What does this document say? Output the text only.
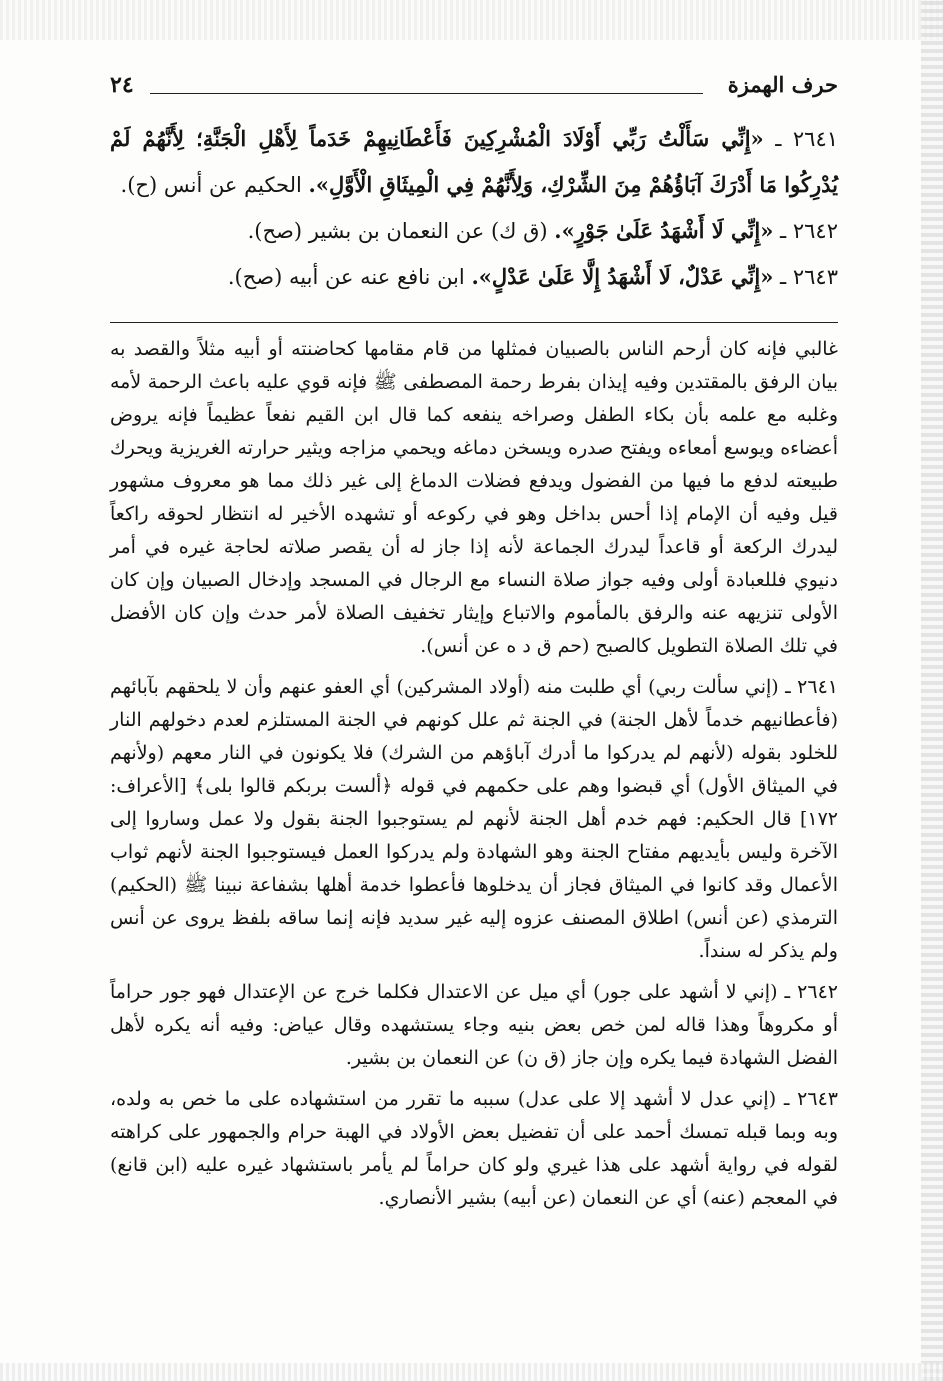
حرف الهمزة
٢٤

٢٦٤١ ـ «إِنِّي سَأَلْتُ رَبِّي أَوْلَادَ الْمُشْرِكِينَ فَأَعْطَانِيهِمْ خَدَماً لِأَهْلِ الْجَنَّةِ؛ لِأَنَّهُمْ لَمْ يُدْرِكُوا مَا أَدْرَكَ آبَاؤُهُمْ مِنَ الشِّرْكِ، وَلِأَنَّهُمْ فِي الْمِيثَاقِ الْأَوَّلِ». الحكيم عن أنس (ح).

٢٦٤٢ ـ «إِنِّي لَا أَشْهَدُ عَلَىٰ جَوْرٍ». (ق ك) عن النعمان بن بشير (صح).

٢٦٤٣ ـ «إِنِّي عَدْلٌ، لَا أَشْهَدُ إِلَّا عَلَىٰ عَدْلٍ». ابن نافع عنه عن أبيه (صح).

غالبي فإنه كان أرحم الناس بالصبيان فمثلها من قام مقامها كحاضنته أو أبيه مثلاً والقصد به بيان الرفق بالمقتدين وفيه إيذان بفرط رحمة المصطفى ﷺ فإنه قوي عليه باعث الرحمة لأمه وغلبه مع علمه بأن بكاء الطفل وصراخه ينفعه كما قال ابن القيم نفعاً عظيماً فإنه يروض أعضاءه ويوسع أمعاءه ويفتح صدره ويسخن دماغه ويحمي مزاجه ويثير حرارته الغريزية ويحرك طبيعته لدفع ما فيها من الفضول ويدفع فضلات الدماغ إلى غير ذلك مما هو معروف مشهور قيل وفيه أن الإمام إذا أحس بداخل وهو في ركوعه أو تشهده الأخير له انتظار لحوقه راكعاً ليدرك الركعة أو قاعداً ليدرك الجماعة لأنه إذا جاز له أن يقصر صلاته لحاجة غيره في أمر دنيوي فللعبادة أولى وفيه جواز صلاة النساء مع الرجال في المسجد وإدخال الصبيان وإن كان الأولى تنزيهه عنه والرفق بالمأموم والاتباع وإيثار تخفيف الصلاة لأمر حدث وإن كان الأفضل في تلك الصلاة التطويل كالصبح (حم ق د ه عن أنس).

٢٦٤١ ـ (إني سألت ربي) أي طلبت منه (أولاد المشركين) أي العفو عنهم وأن لا يلحقهم بآبائهم (فأعطانيهم خدماً لأهل الجنة) في الجنة ثم علل كونهم في الجنة المستلزم لعدم دخولهم النار للخلود بقوله (لأنهم لم يدركوا ما أدرك آباؤهم من الشرك) فلا يكونون في النار معهم (ولأنهم في الميثاق الأول) أي قبضوا وهم على حكمهم في قوله ﴿ألست بربكم قالوا بلى﴾ [الأعراف: ١٧٢] قال الحكيم: فهم خدم أهل الجنة لأنهم لم يستوجبوا الجنة بقول ولا عمل وساروا إلى الآخرة وليس بأيديهم مفتاح الجنة وهو الشهادة ولم يدركوا العمل فيستوجبوا الجنة لأنهم ثواب الأعمال وقد كانوا في الميثاق فجاز أن يدخلوها فأعطوا خدمة أهلها بشفاعة نبينا ﷺ (الحكيم) الترمذي (عن أنس) اطلاق المصنف عزوه إليه غير سديد فإنه إنما ساقه بلفظ يروى عن أنس ولم يذكر له سنداً.

٢٦٤٢ ـ (إني لا أشهد على جور) أي ميل عن الاعتدال فكلما خرج عن الإعتدال فهو جور حراماً أو مكروهاً وهذا قاله لمن خص بعض بنيه وجاء يستشهده وقال عياض: وفيه أنه يكره لأهل الفضل الشهادة فيما يكره وإن جاز (ق ن) عن النعمان بن بشير.

٢٦٤٣ ـ (إني عدل لا أشهد إلا على عدل) سببه ما تقرر من استشهاده على ما خص به ولده، وبه وبما قبله تمسك أحمد على أن تفضيل بعض الأولاد في الهبة حرام والجمهور على كراهته لقوله في رواية أشهد على هذا غيري ولو كان حراماً لم يأمر باستشهاد غيره عليه (ابن قانع) في المعجم (عنه) أي عن النعمان (عن أبيه) بشير الأنصاري.
